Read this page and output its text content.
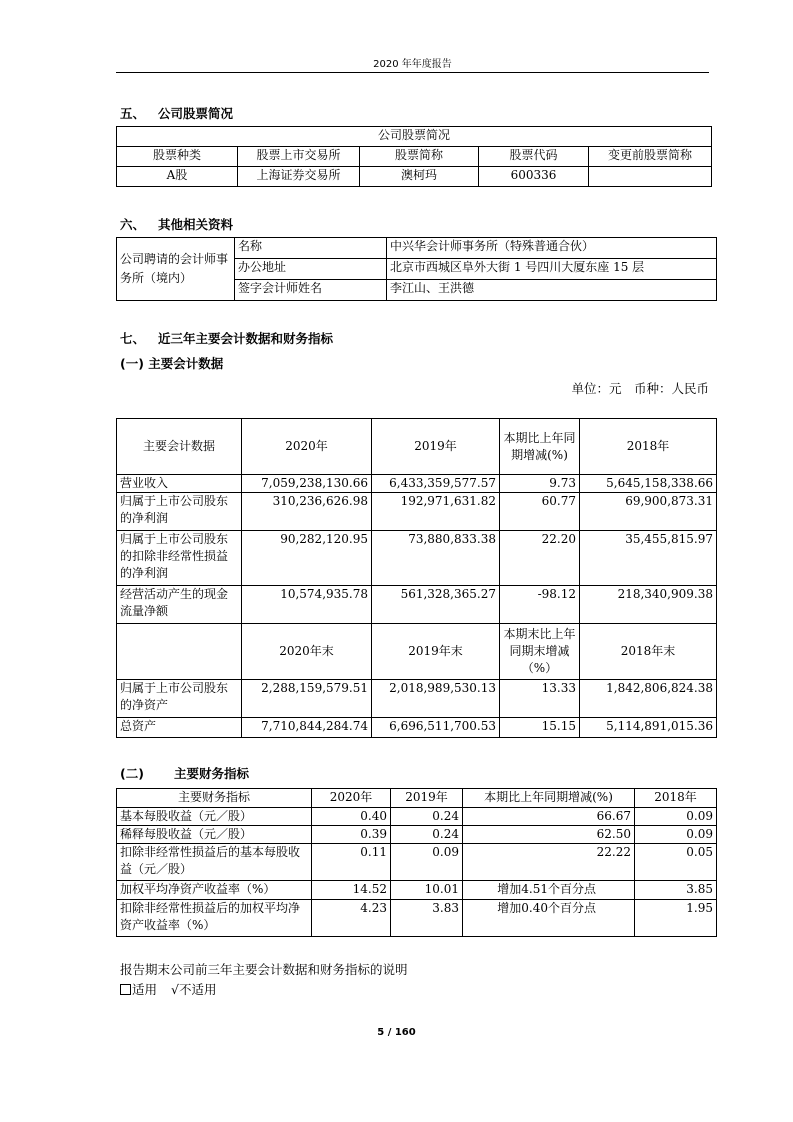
2020 年年度报告
五、 公司股票简况
公司股票简况				
股票种类	股票上市交易所	股票简称	股票代码	变更前股票简称
A股	上海证券交易所	澳柯玛	600336	
六、 其他相关资料
公司聘请的会计师事务所（境内）	名称	中兴华会计师事务所（特殊普通合伙）
	办公地址	北京市西城区阜外大街 1 号四川大厦东座 15 层
	签字会计师姓名	李江山、王洪德
七、 近三年主要会计数据和财务指标
(一) 主要会计数据
单位：元　币种：人民币
主要会计数据	2020年	2019年	本期比上年同期增减(%)	2018年
营业收入	7,059,238,130.66	6,433,359,577.57	9.73	5,645,158,338.66
归属于上市公司股东的净利润	310,236,626.98	192,971,631.82	60.77	69,900,873.31
归属于上市公司股东的扣除非经常性损益的净利润	90,282,120.95	73,880,833.38	22.20	35,455,815.97
经营活动产生的现金流量净额	10,574,935.78	561,328,365.27	-98.12	218,340,909.38
	2020年末	2019年末	本期末比上年同期末增减（%）	2018年末
归属于上市公司股东的净资产	2,288,159,579.51	2,018,989,530.13	13.33	1,842,806,824.38
总资产	7,710,844,284.74	6,696,511,700.53	15.15	5,114,891,015.36
(二) 主要财务指标
主要财务指标	2020年	2019年	本期比上年同期增减(%)	2018年
基本每股收益（元／股）	0.40	0.24	66.67	0.09
稀释每股收益（元／股）	0.39	0.24	62.50	0.09
扣除非经常性损益后的基本每股收益（元／股）	0.11	0.09	22.22	0.05
加权平均净资产收益率（%）	14.52	10.01	增加4.51个百分点	3.85
扣除非经常性损益后的加权平均净资产收益率（%）	4.23	3.83	增加0.40个百分点	1.95
报告期末公司前三年主要会计数据和财务指标的说明
适用 √不适用
5 / 160
